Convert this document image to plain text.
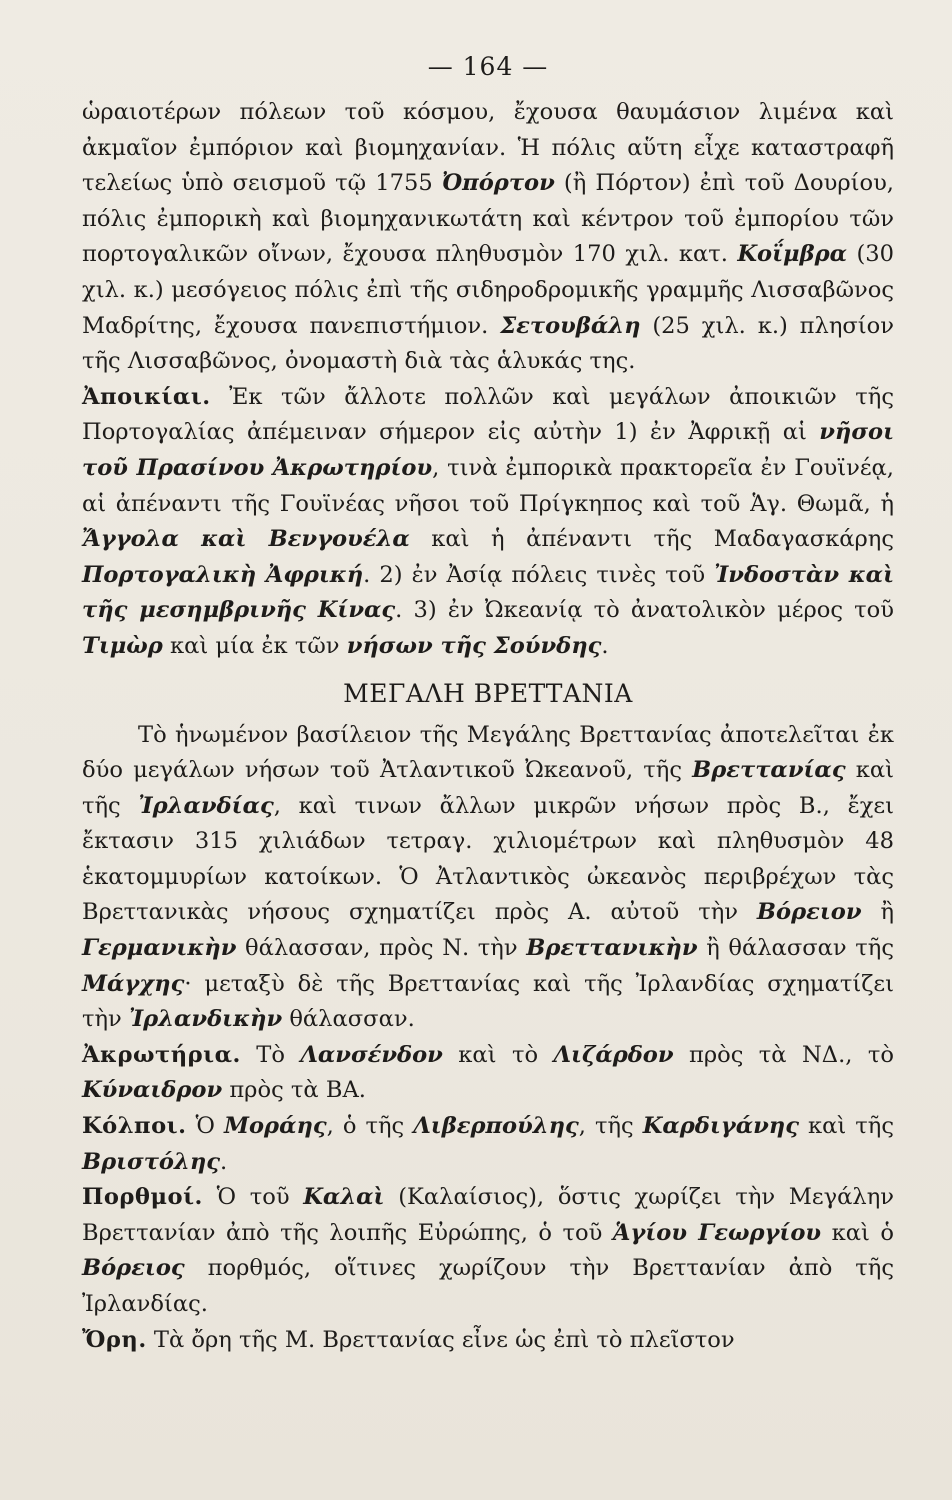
— 164 —

ὡραιοτέρων πόλεων τοῦ κόσμου, ἔχουσα θαυμάσιον λιμένα καὶ ἀκμαῖον ἐμπόριον καὶ βιομηχανίαν. Ἡ πόλις αὕτη εἶχε καταστραφῆ τελείως ὑπὸ σεισμοῦ τῷ 1755 Ὀπόρτον (ἢ Πόρτον) ἐπὶ τοῦ Δουρίου, πόλις ἐμπορικὴ καὶ βιομηχανικωτάτη καὶ κέντρον τοῦ ἐμπορίου τῶν πορτογαλικῶν οἴνων, ἔχουσα πληθυσμὸν 170 χιλ. κατ. Κοΐμβρα (30 χιλ. κ.) μεσόγειος πόλις ἐπὶ τῆς σιδηροδρομικῆς γραμμῆς Λισσαβῶνος Μαδρίτης, ἔχουσα πανεπιστήμιον. Σετουβάλη (25 χιλ. κ.) πλησίον τῆς Λισσαβῶνος, ὀνομαστὴ διὰ τὰς ἁλυκάς της.

Ἀποικίαι. Ἐκ τῶν ἄλλοτε πολλῶν καὶ μεγάλων ἀποικιῶν τῆς Πορτογαλίας ἀπέμειναν σήμερον εἰς αὐτὴν 1) ἐν Ἀφρικῇ αἱ νῆσοι τοῦ Πρασίνου Ἀκρωτηρίου, τινὰ ἐμπορικὰ πρακτορεῖα ἐν Γουϊνέᾳ, αἱ ἀπέναντι τῆς Γουϊνέας νῆσοι τοῦ Πρίγκηπος καὶ τοῦ Ἁγ. Θωμᾶ, ἡ Ἄγγολα καὶ Βενγουέλα καὶ ἡ ἀπέναντι τῆς Μαδαγασκάρης Πορτογαλικὴ Ἀφρική. 2) ἐν Ἀσίᾳ πόλεις τινὲς τοῦ Ἰνδοστὰν καὶ τῆς μεσημβρινῆς Κίνας. 3) ἐν Ὠκεανίᾳ τὸ ἀνατολικὸν μέρος τοῦ Τιμὼρ καὶ μία ἐκ τῶν νήσων τῆς Σούνδης.

ΜΕΓΑΛΗ ΒΡΕΤΤΑΝΙΑ

Τὸ ἡνωμένον βασίλειον τῆς Μεγάλης Βρεττανίας ἀποτελεῖται ἐκ δύο μεγάλων νήσων τοῦ Ἀτλαντικοῦ Ὠκεανοῦ, τῆς Βρεττανίας καὶ τῆς Ἰρλανδίας, καὶ τινων ἄλλων μικρῶν νήσων πρὸς Β., ἔχει ἔκτασιν 315 χιλιάδων τετραγ. χιλιομέτρων καὶ πληθυσμὸν 48 ἑκατομμυρίων κατοίκων. Ὁ Ἀτλαντικὸς ὠκεανὸς περιβρέχων τὰς Βρεττανικὰς νήσους σχηματίζει πρὸς Α. αὐτοῦ τὴν Βόρειον ἢ Γερμανικὴν θάλασσαν, πρὸς Ν. τὴν Βρεττανικὴν ἢ θάλασσαν τῆς Μάγχης· μεταξὺ δὲ τῆς Βρεττανίας καὶ τῆς Ἰρλανδίας σχηματίζει τὴν Ἰρλανδικὴν θάλασσαν.

Ἀκρωτήρια. Τὸ Λανσένδον καὶ τὸ Λιζάρδον πρὸς τὰ ΝΔ., τὸ Κύναιδρον πρὸς τὰ ΒΑ.

Κόλποι. Ὁ Μοράης, ὁ τῆς Λιβερπούλης, τῆς Καρδιγάνης καὶ τῆς Βριστόλης.

Πορθμοί. Ὁ τοῦ Καλαὶ (Καλαίσιος), ὅστις χωρίζει τὴν Μεγάλην Βρεττανίαν ἀπὸ τῆς λοιπῆς Εὐρώπης, ὁ τοῦ Ἁγίου Γεωργίου καὶ ὁ Βόρειος πορθμός, οἵτινες χωρίζουν τὴν Βρεττανίαν ἀπὸ τῆς Ἰρλανδίας.

Ὄρη. Τὰ ὄρη τῆς Μ. Βρεττανίας εἶνε ὡς ἐπὶ τὸ πλεῖστον
